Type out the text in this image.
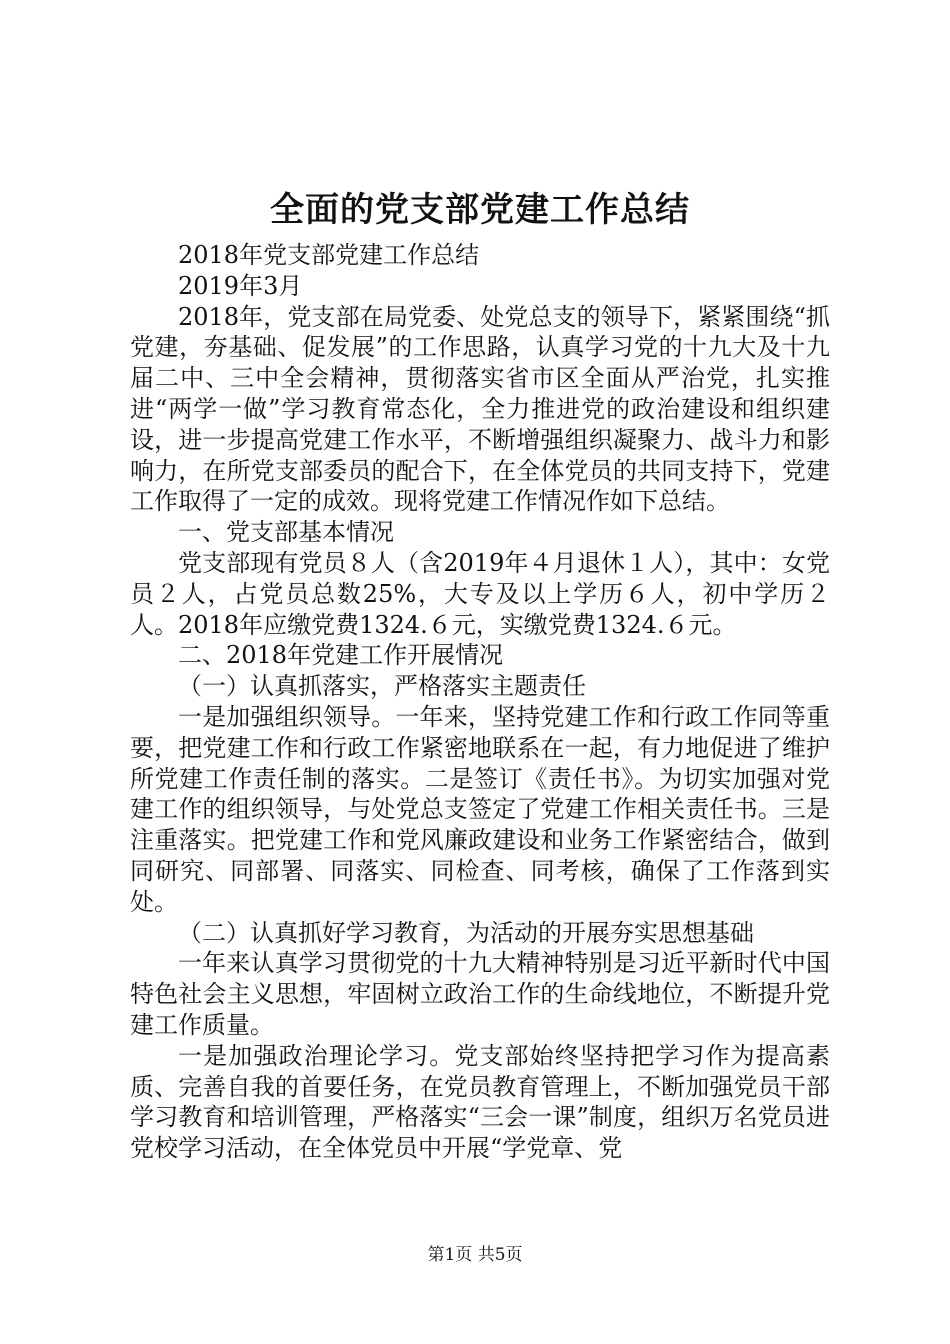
全面的党支部党建工作总结

2018年党支部党建工作总结

2019年3月

2018年，党支部在局党委、处党总支的领导下，紧紧围绕“抓党建，夯基础、促发展”的工作思路，认真学习党的十九大及十九届二中、三中全会精神，贯彻落实省市区全面从严治党，扎实推进“两学一做”学习教育常态化，全力推进党的政治建设和组织建设，进一步提高党建工作水平，不断增强组织凝聚力、战斗力和影响力，在所党支部委员的配合下，在全体党员的共同支持下，党建工作取得了一定的成效。现将党建工作情况作如下总结。

一、党支部基本情况

党支部现有党员８人（含2019年４月退休１人），其中：女党员２人，占党员总数25%，大专及以上学历６人，初中学历２人。2018年应缴党费1324.６元，实缴党费1324.６元。

二、2018年党建工作开展情况

（一）认真抓落实，严格落实主题责任

一是加强组织领导。一年来，坚持党建工作和行政工作同等重要，把党建工作和行政工作紧密地联系在一起，有力地促进了维护所党建工作责任制的落实。二是签订《责任书》。为切实加强对党建工作的组织领导，与处党总支签定了党建工作相关责任书。三是注重落实。把党建工作和党风廉政建设和业务工作紧密结合，做到同研究、同部署、同落实、同检查、同考核，确保了工作落到实处。

（二）认真抓好学习教育，为活动的开展夯实思想基础

一年来认真学习贯彻党的十九大精神特别是习近平新时代中国特色社会主义思想，牢固树立政治工作的生命线地位，不断提升党建工作质量。

一是加强政治理论学习。党支部始终坚持把学习作为提高素质、完善自我的首要任务，在党员教育管理上，不断加强党员干部学习教育和培训管理，严格落实“三会一课”制度，组织万名党员进党校学习活动，在全体党员中开展“学党章、党

第1页 共5页
